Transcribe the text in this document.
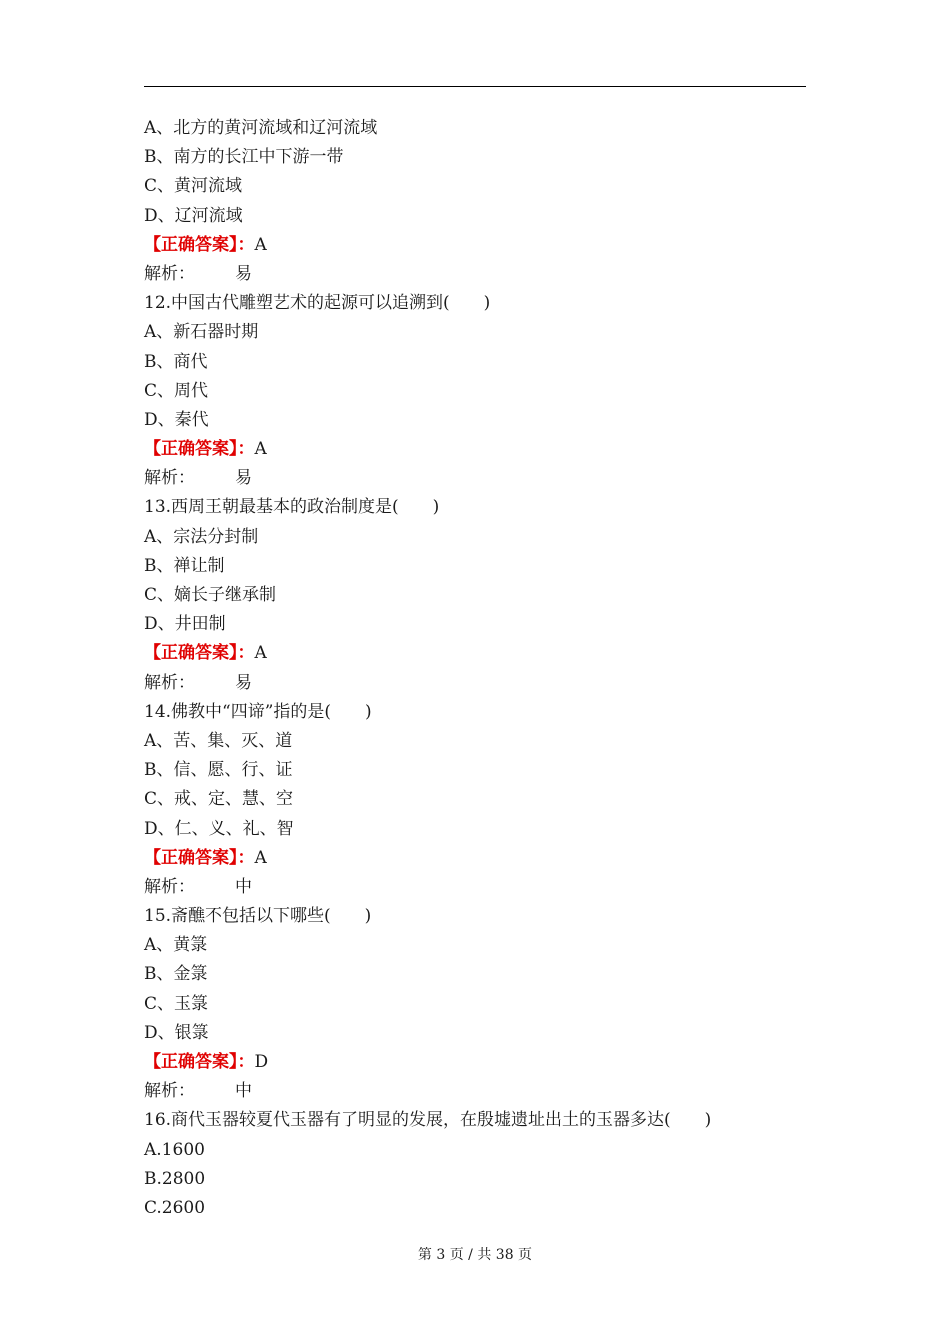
A、北方的黄河流域和辽河流域
B、南方的长江中下游一带
C、黄河流域
D、辽河流域
【正确答案】：A
解析： 易
12.中国古代雕塑艺术的起源可以追溯到(　　)
A、新石器时期
B、商代
C、周代
D、秦代
【正确答案】：A
解析： 易
13.西周王朝最基本的政治制度是(　　)
A、宗法分封制
B、禅让制
C、嫡长子继承制
D、井田制
【正确答案】：A
解析： 易
14.佛教中“四谛”指的是(　　)
A、苦、集、灭、道
B、信、愿、行、证
C、戒、定、慧、空
D、仁、义、礼、智
【正确答案】：A
解析： 中
15.斋醮不包括以下哪些(　　)
A、黄箓
B、金箓
C、玉箓
D、银箓
【正确答案】：D
解析： 中
16.商代玉器较夏代玉器有了明显的发展，在殷墟遗址出土的玉器多达(　　)
A.1600
B.2800
C.2600
第 3 页 / 共 38 页
